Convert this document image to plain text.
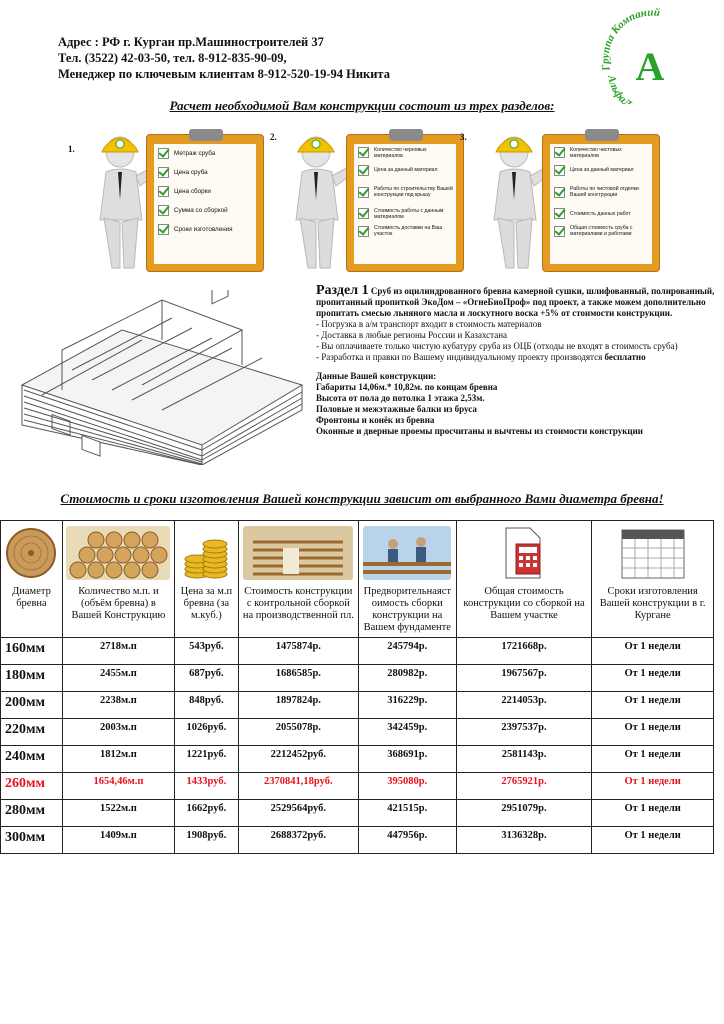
Адрес : РФ г. Курган пр.Машиностроителей 37
Тел. (3522) 42-03-50, тел. 8-912-835-90-09,
Менеджер по ключевым клиентам 8-912-520-19-94 Никита	Группа Компаний
АльфаЛ
А
Расчет необходимой Вам конструкции состоит из трех разделов:
1.	Метраж сруба
Цена сруба
Цена сборки
Сумма со сборкой
Сроки изготовления
2.
Количество черновых материалов
Цена за данный материал
Работы по строительству Вашей конструкции под крышу
Стоимость работы с данным материалом
Стоимость доставки на Ваш участок
3.
Количество чистовых материалов
Цена за данный материал
Работы по чистовой отделки Вашей конструкции
Стоимость данных работ
Общая стоимость сруба с материалами и работами
Раздел 1 Сруб из оцилиндрованного бревна камерной сушки, шлифованный, полированный, пропитанный пропиткой ЭкоДом – «ОгнеБиоПроф» под проект, а также можем дополнительно пропитать смесью льняного масла и лоскутного воска +5% от стоимости конструкции.
- Погрузка в а/м транспорт входит в стоимость материалов
- Доставка в любые регионы России и Казахстана
- Вы оплачиваете только чистую кубатуру сруба из ОЦБ (отходы не входят в стоимость сруба)
- Разработка и правки по Вашему индивидуальному проекту производятся бесплатно
Данные Вашей конструкции:
Габариты 14,06м.* 10,82м. по концам бревна
Высота от пола до потолка 1 этажа 2,53м.
Половые и межэтажные балки из бруса
Фронтоны и конёк из бревна
Оконные и дверные проемы просчитаны и вычтены из стоимости конструкции
Стоимость и сроки изготовления Вашей конструкции зависит от выбранного Вами диаметра бревна!
Диаметр бревна	Количество м.п. и (объём бревна) в Вашей Конструкцию	Цена за м.п бревна (за м.куб.)	Стоимость конструкции с контрольной сборкой на производственной пл.	Предворительнаяст оимость сборки конструкции на Вашем фундаменте	Общая стоимость конструкции со сборкой на Вашем участке	Сроки изготовления Вашей конструкции в г. Кургане

160мм	2718м.п	543руб.	1475874р.	245794р.	1721668р.	От 1 недели
180мм	2455м.п	687руб.	1686585р.	280982р.	1967567р.	От 1 недели
200мм	2238м.п	848руб.	1897824р.	316229р.	2214053р.	От 1 недели
220мм	2003м.п	1026руб.	2055078р.	342459р.	2397537р.	От 1 недели
240мм	1812м.п	1221руб.	2212452руб.	368691р.	2581143р.	От 1 недели
260мм	1654,46м.п	1433руб.	2370841,18руб.	395080р.	2765921р.	От 1 недели
280мм	1522м.п	1662руб.	2529564руб.	421515р.	2951079р.	От 1 недели
300мм	1409м.п	1908руб.	2688372руб.	447956р.	3136328р.	От 1 недели
